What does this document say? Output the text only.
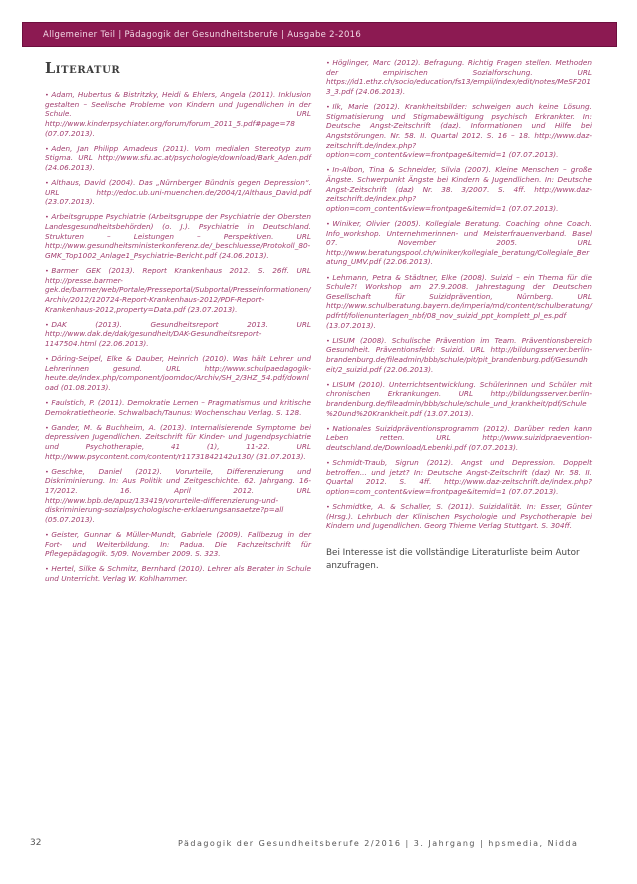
Allgemeiner Teil | Pädagogik der Gesundheitsberufe | Ausgabe 2-2016
Literatur

• Adam, Hubertus & Bistritzky, Heidi & Ehlers, Angela (2011). Inklusion gestalten – Seelische Probleme von Kindern und Jugendlichen in der Schule. URL http://www.kinderpsychiater.org/forum/forum_2011_5.pdf#page=78 (07.07.2013).

• Aden, Jan Philipp Amadeus (2011). Vom medialen Stereotyp zum Stigma. URL http://www.sfu.ac.at/psychologie/download/Bark_Aden.pdf (24.06.2013).

• Althaus, David (2004). Das „Nürnberger Bündnis gegen Depression“. URL http://edoc.ub.uni-muenchen.de/2004/1/Althaus_David.pdf (23.07.2013).

• Arbeitsgruppe Psychiatrie (Arbeitsgruppe der Psychiatrie der Obersten Landesgesundheitsbehörden) (o. J.). Psychiatrie in Deutschland. Strukturen – Leistungen – Perspektiven. URL http://www.gesundheitsministerkonferenz.de/_beschluesse/Protokoll_80-GMK_Top1002_Anlage1_Psychiatrie-Bericht.pdf (24.06.2013).

• Barmer GEK (2013). Report Krankenhaus 2012. S. 26ff. URL http://presse.barmer-gek.de/barmer/web/Portale/Presseportal/Subportal/Presseinformationen/Archiv/2012/120724-Report-Krankenhaus-2012/PDF-Report-Krankenhaus-2012,property=Data.pdf (23.07.2013).

• DAK (2013). Gesundheitsreport 2013. URL http://www.dak.de/dak/gesundheit/DAK-Gesundheitsreport-1147504.html (22.06.2013).

• Döring-Seipel, Elke & Dauber, Heinrich (2010). Was hält Lehrer und Lehrerinnen gesund. URL http://www.schulpaedagogik-heute.de/index.php/component/joomdoc/Archiv/SH_2/3HZ_54.pdf/download (01.08.2013).

• Faulstich, P. (2011). Demokratie Lernen – Pragmatismus und kritische Demokratietheorie. Schwalbach/Taunus: Wochenschau Verlag. S. 128.

• Gander, M. & Buchheim, A. (2013). Internalisierende Symptome bei depressiven Jugendlichen. Zeitschrift für Kinder- und Jugendpsychiatrie und Psychotherapie, 41 (1), 11-22. URL http://www.psycontent.com/content/r11731842142u130/ (31.07.2013).

• Geschke, Daniel (2012). Vorurteile, Differenzierung und Diskriminierung. In: Aus Politik und Zeitgeschichte. 62. Jahrgang. 16-17/2012. 16. April 2012. URL http://www.bpb.de/apuz/133419/vorurteile-differenzierung-und-diskriminierung-sozialpsychologische-erklaerungsansaetze?p=all (05.07.2013).

• Geister, Gunnar & Müller-Mundt, Gabriele (2009). Fallbezug in der Fort- und Weiterbildung. In: Padua. Die Fachzeitschrift für Pflegepädagogik. 5/09. November 2009. S. 323.

• Hertel, Silke & Schmitz, Bernhard (2010). Lehrer als Berater in Schule und Unterricht. Verlag W. Kohlhammer.

• Höglinger, Marc (2012). Befragung. Richtig Fragen stellen. Methoden der empirischen Sozialforschung. URL https://id1.ethz.ch/socio/education/fs13/empii/index/edit/notes/MeSF2013_3.pdf (24.06.2013).

• Ilk, Marie (2012). Krankheitsbilder: schweigen auch keine Lösung. Stigmatisierung und Stigmabewältigung psychisch Erkrankter. In: Deutsche Angst-Zeitschrift (daz). Informationen und Hilfe bei Angststörungen. Nr. 58. II. Quartal 2012. S. 16 – 18. http://www.daz-zeitschrift.de/index.php?option=com_content&view=frontpage&itemid=1 (07.07.2013).

• In-Albon, Tina & Schneider, Silvia (2007). Kleine Menschen – große Ängste. Schwerpunkt Ängste bei Kindern & Jugendlichen. In: Deutsche Angst-Zeitschrift (daz) Nr. 38. 3/2007. S. 4ff. http://www.daz-zeitschrift.de/index.php?option=com_content&view=frontpage&itemid=1 (07.07.2013).

• Winiker, Olivier (2005). Kollegiale Beratung. Coaching ohne Coach. Info_workshop. Unternehmerinnen- und Meisterfrauenverband. Basel 07. November 2005. URL http://www.beratungspool.ch/winiker/kollegiale_beratung/Collegiale_Beratung_UMV.pdf (22.06.2013).

• Lehmann, Petra & Städtner, Elke (2008). Suizid – ein Thema für die Schule?! Workshop am 27.9.2008. Jahrestagung der Deutschen Gesellschaft für Suizidprävention, Nürnberg. URL http://www.schulberatung.bayern.de/imperia/md/content/schulberatung/pdfrtf/folienunterlagen_nbf/08_nov_suizid_ppt_komplett_pl_es.pdf (13.07.2013).

• LISUM (2008). Schulische Prävention im Team. Präventionsbereich Gesundheit. Präventionsfeld: Suizid. URL http://bildungsserver.berlin-brandenburg.de/fileadmin/bbb/schule/pit/pit_brandenburg.pdf/Gesundheit/2_suizid.pdf (22.06.2013).

• LISUM (2010). Unterrichtsentwicklung. Schülerinnen und Schüler mit chronischen Erkrankungen. URL http://bildungsserver.berlin-brandenburg.de/fileadmin/bbb/schule/schule_und_krankheit/pdf/Schule%20und%20Krankheit.pdf (13.07.2013).

• Nationales Suizidpräventionsprogramm (2012). Darüber reden kann Leben retten. URL http://www.suizidpraevention-deutschland.de/Download/Lebenki.pdf (07.07.2013).

• Schmidt-Traub, Sigrun (2012). Angst und Depression. Doppelt betroffen... und jetzt? In: Deutsche Angst-Zeitschrift (daz) Nr. 58. II. Quartal 2012. S. 4ff. http://www.daz-zeitschrift.de/index.php?option=com_content&view=frontpage&itemid=1 (07.07.2013).

• Schmidtke, A. & Schaller, S. (2011). Suizidalität. In: Esser, Günter (Hrsg.). Lehrbuch der Klinischen Psychologie und Psychotherapie bei Kindern und Jugendlichen. Georg Thieme Verlag Stuttgart. S. 304ff.

Bei Interesse ist die vollständige Literaturliste beim Autor anzufragen.

32	Pädagogik der Gesundheitsberufe 2/2016 | 3. Jahrgang | hpsmedia, Nidda
